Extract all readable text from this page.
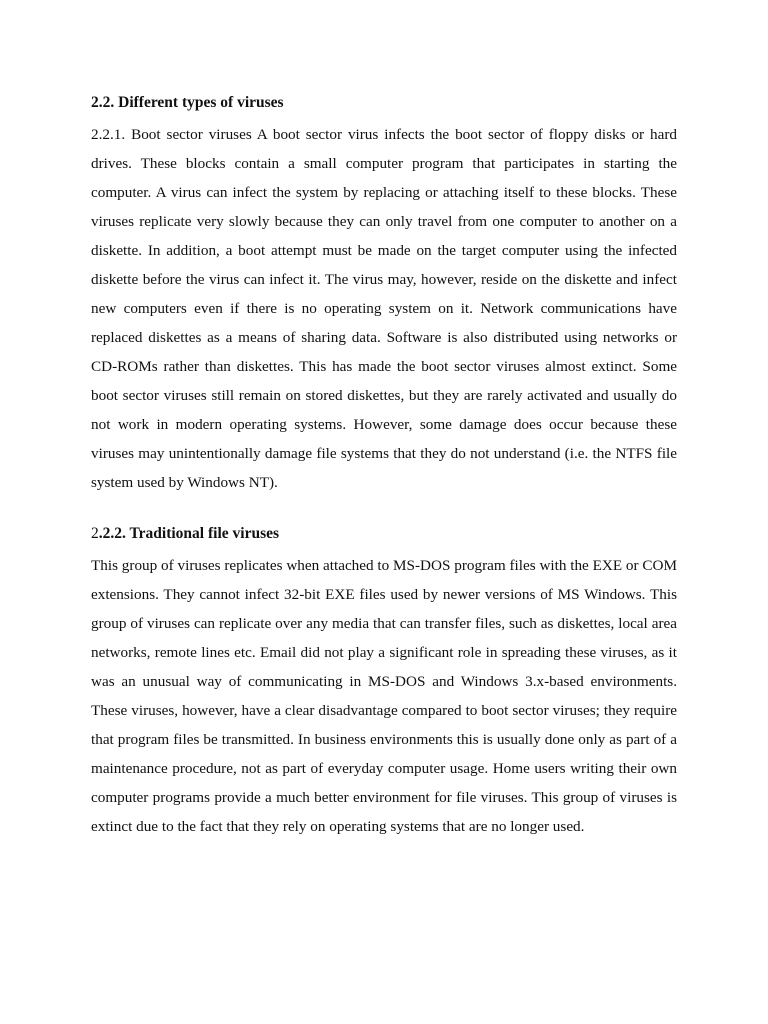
2.2. Different types of viruses

2.2.1. Boot sector viruses A boot sector virus infects the boot sector of floppy disks or hard drives. These blocks contain a small computer program that participates in starting the computer. A virus can infect the system by replacing or attaching itself to these blocks. These viruses replicate very slowly because they can only travel from one computer to another on a diskette. In addition, a boot attempt must be made on the target computer using the infected diskette before the virus can infect it. The virus may, however, reside on the diskette and infect new computers even if there is no operating system on it. Network communications have replaced diskettes as a means of sharing data. Software is also distributed using networks or CD-ROMs rather than diskettes. This has made the boot sector viruses almost extinct. Some boot sector viruses still remain on stored diskettes, but they are rarely activated and usually do not work in modern operating systems. However, some damage does occur because these viruses may unintentionally damage file systems that they do not understand (i.e. the NTFS file system used by Windows NT).

2.2.2. Traditional file viruses

This group of viruses replicates when attached to MS-DOS program files with the EXE or COM extensions. They cannot infect 32-bit EXE files used by newer versions of MS Windows. This group of viruses can replicate over any media that can transfer files, such as diskettes, local area networks, remote lines etc. Email did not play a significant role in spreading these viruses, as it was an unusual way of communicating in MS-DOS and Windows 3.x-based environments. These viruses, however, have a clear disadvantage compared to boot sector viruses; they require that program files be transmitted. In business environments this is usually done only as part of a maintenance procedure, not as part of everyday computer usage. Home users writing their own computer programs provide a much better environment for file viruses. This group of viruses is extinct due to the fact that they rely on operating systems that are no longer used.
